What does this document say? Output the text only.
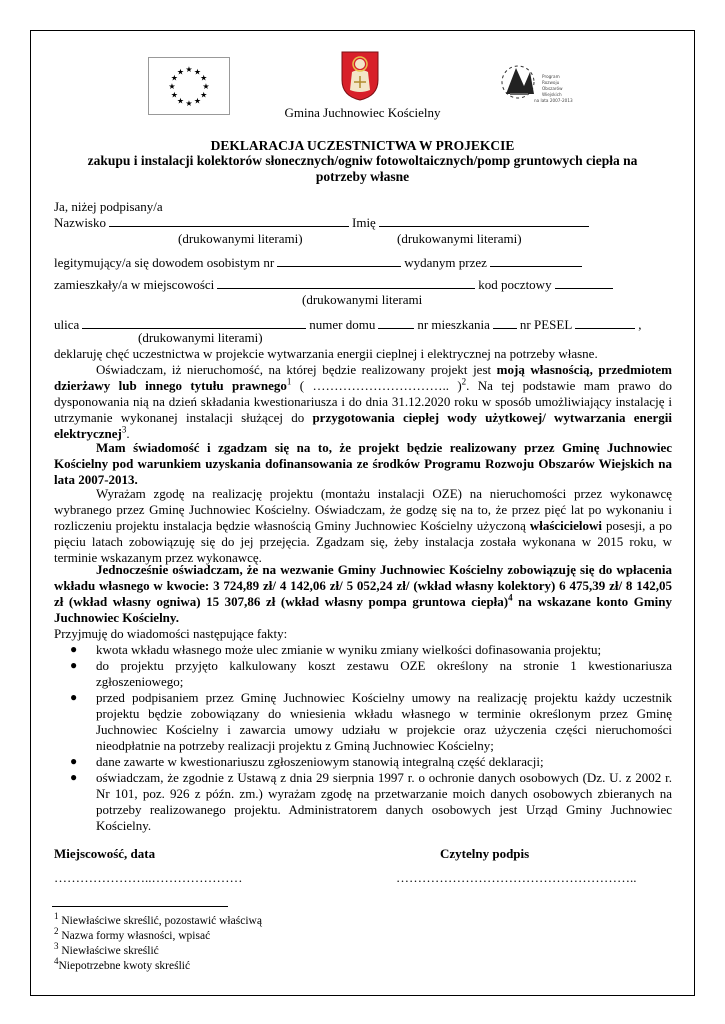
★ ★
★
★
★
★
★
★
★
★
★
★
Program
Rozwoju
Obszarów
Wiejskich
na lata 2007-2013
Gmina Juchnowiec Kościelny
DEKLARACJA UCZESTNICTWA W PROJEKCIE
zakupu i instalacji kolektorów słonecznych/ogniw fotowoltaicznych/pomp gruntowych ciepła na
potrzeby własne
Ja, niżej podpisany/a
Nazwisko	Imię
(drukowanymi literami)	(drukowanymi literami)
legitymujący/a się dowodem osobistym nr	wydanym przez
zamieszkały/a w miejscowości	kod pocztowy
(drukowanymi literami
ulica	numer domu	nr mieszkania nr PESEL	,
(drukowanymi literami)
deklaruję chęć uczestnictwa w projekcie wytwarzania energii cieplnej i elektrycznej na potrzeby własne.
Oświadczam, iż nieruchomość, na której będzie realizowany projekt jest moją własnością, przedmiotem dzierżawy lub innego tytułu prawnego$^1$ ( ………………………….. )$^2$. Na tej podstawie mam prawo do dysponowania nią na dzień składania kwestionariusza i do dnia 31.12.2020 roku w sposób umożliwiający instalację i utrzymanie wykonanej instalacji służącej do przygotowania ciepłej wody użytkowej/ wytwarzania energii elektrycznej$^3$.
Mam świadomość i zgadzam się na to, że projekt będzie realizowany przez Gminę Juchnowiec Kościelny pod warunkiem uzyskania dofinansowania ze środków Programu Rozwoju Obszarów Wiejskich na lata 2007-2013.
Wyrażam zgodę na realizację projektu (montażu instalacji OZE) na nieruchomości przez wykonawcę wybranego przez Gminę Juchnowiec Kościelny. Oświadczam, że godzę się na to, że przez pięć lat po wykonaniu i rozliczeniu projektu instalacja będzie własnością Gminy Juchnowiec Kościelny użyczoną właścicielowi posesji, a po pięciu latach zobowiązuję się do jej przejęcia. Zgadzam się, żeby instalacja została wykonana w 2015 roku, w terminie wskazanym przez wykonawcę.
Jednocześnie oświadczam, że na wezwanie Gminy Juchnowiec Kościelny zobowiązuję się do wpłacenia wkładu własnego w kwocie: 3 724,89 zł/ 4 142,06 zł/ 5 052,24 zł/ (wkład własny kolektory) 6 475,39 zł/ 8 142,05 zł (wkład własny ogniwa) 15 307,86 zł (wkład własny pompa gruntowa ciepła)$^4$ na wskazane konto Gminy Juchnowiec Kościelny.
Przyjmuję do wiadomości następujące fakty:
● kwota wkładu własnego może ulec zmianie w wyniku zmiany wielkości dofinasowania projektu;
● do projektu przyjęto kalkulowany koszt zestawu OZE określony na stronie 1 kwestionariusza zgłoszeniowego;
● przed podpisaniem przez Gminę Juchnowiec Kościelny umowy na realizację projektu każdy uczestnik projektu będzie zobowiązany do wniesienia wkładu własnego w terminie określonym przez Gminę Juchnowiec Kościelny i zawarcia umowy udziału w projekcie oraz użyczenia części nieruchomości nieodpłatnie na potrzeby realizacji projektu z Gminą Juchnowiec Kościelny;
● dane zawarte w kwestionariuszu zgłoszeniowym stanowią integralną część deklaracji;
● oświadczam, że zgodnie z Ustawą z dnia 29 sierpnia 1997 r. o ochronie danych osobowych (Dz. U. z 2002 r. Nr 101, poz. 926 z późn. zm.) wyrażam zgodę na przetwarzanie moich danych osobowych zbieranych na potrzeby realizowanego projektu. Administratorem danych osobowych jest Urząd Gminy Juchnowiec Kościelny.
Miejscowość, data	Czytelny podpis
…………………..…………………	………………………………………………..
$^1$ Niewłaściwe skreślić, pozostawić właściwą
$^2$ Nazwa formy własności, wpisać
$^3$ Niewłaściwe skreślić
$^4$Niepotrzebne kwoty skreślić
